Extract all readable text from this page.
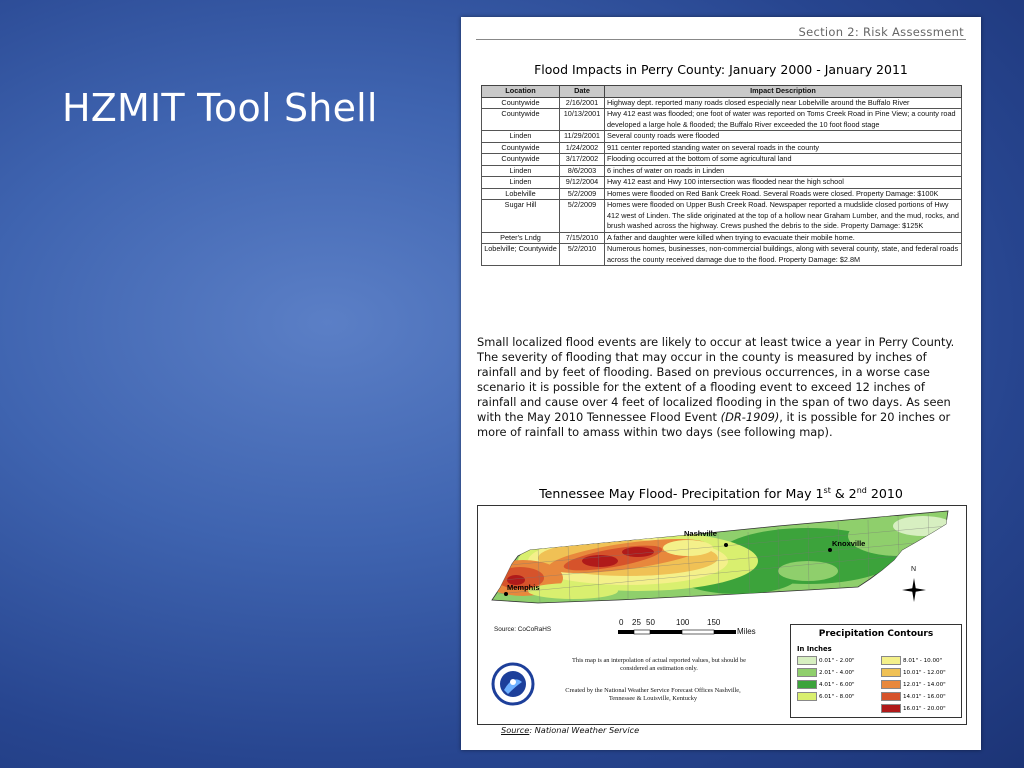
HZMIT Tool Shell
Section 2: Risk Assessment
Flood Impacts in Perry County: January 2000 - January 2011
Location	Date	Impact Description
Countywide	2/16/2001	Highway dept. reported many roads closed especially near Lobelville around the Buffalo River
Countywide	10/13/2001	Hwy 412 east was flooded; one foot of water was reported on Toms Creek Road in Pine View; a county road developed a large hole & flooded; the Buffalo River exceeded the 10 foot flood stage
Linden	11/29/2001	Several county roads were flooded
Countywide	1/24/2002	911 center reported standing water on several roads in the county
Countywide	3/17/2002	Flooding occurred at the bottom of some agricultural land
Linden	8/6/2003	6 inches of water on roads in Linden
Linden	9/12/2004	Hwy 412 east and Hwy 100 intersection was flooded near the high school
Lobelville	5/2/2009	Homes were flooded on Red Bank Creek Road. Several Roads were closed. Property Damage: $100K
Sugar Hill	5/2/2009	Homes were flooded on Upper Bush Creek Road. Newspaper reported a mudslide closed portions of Hwy 412 west of Linden. The slide originated at the top of a hollow near Graham Lumber, and the mud, rocks, and brush washed across the highway. Crews pushed the debris to the side. Property Damage: $125K
Peter's Lndg	7/15/2010	A father and daughter were killed when trying to evacuate their mobile home.
Lobelville; Countywide	5/2/2010	Numerous homes, businesses, non-commercial buildings, along with several county, state, and federal roads across the county received damage due to the flood. Property Damage: $2.8M
Small localized flood events are likely to occur at least twice a year in Perry County. The severity of flooding that may occur in the county is measured by inches of rainfall and by feet of flooding. Based on previous occurrences, in a worse case scenario it is possible for the extent of a flooding event to exceed 12 inches of rainfall and cause over 4 feet of localized flooding in the span of two days. As seen with the May 2010 Tennessee Flood Event (DR-1909), it is possible for 20 inches or more of rainfall to amass within two days (see following map).
Tennessee May Flood- Precipitation for May 1st & 2nd 2010
Nashville
Knoxville
Memphis
N
Source: CoCoRaHS
0 25 50	100 150
Miles
This map is an interpolation of actual reported values, but should be considered an estimation only.
Created by the National Weather Service Forecast Offices Nashville, Tennessee & Louisville, Kentucky
Precipitation Contours
In Inches
0.01" - 2.00"	8.01" - 10.00"
2.01" - 4.00"	10.01" - 12.00"
4.01" - 6.00"	12.01" - 14.00"
6.01" - 8.00"	14.01" - 16.00"
16.01" - 20.00"
Source: National Weather Service
